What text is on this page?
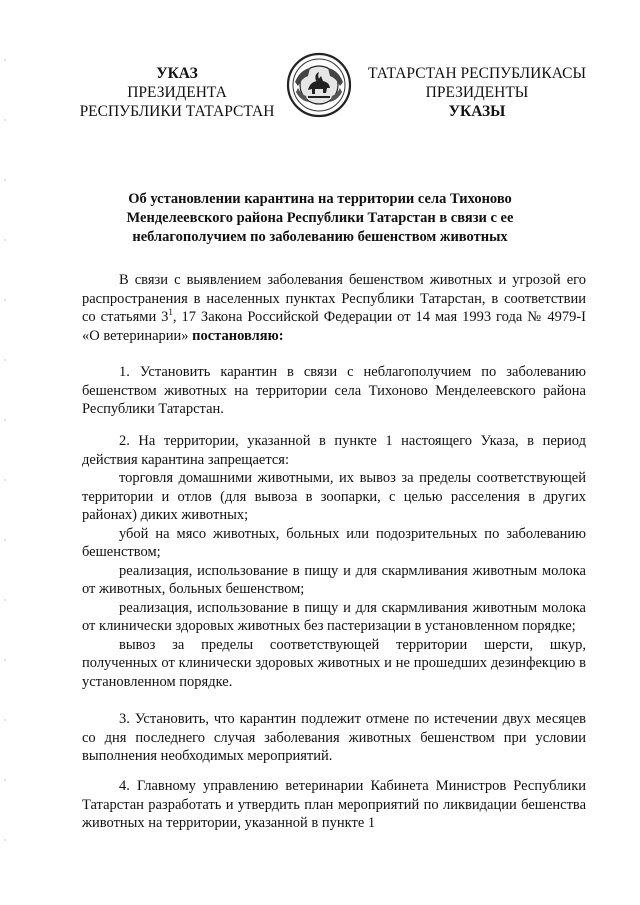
УКАЗ
ПРЕЗИДЕНТА
РЕСПУБЛИКИ ТАТАРСТАН
ТАТАРСТАН РЕСПУБЛИКАСЫ
ПРЕЗИДЕНТЫ
УКАЗЫ
Об установлении карантина на территории села Тихоново
Менделеевского района Республики Татарстан в связи с ее
неблагополучием по заболеванию бешенством животных

В связи с выявлением заболевания бешенством животных и угрозой его распространения в населенных пунктах Республики Татарстан, в соответствии со статьями $3^1$, 17 Закона Российской Федерации от 14 мая 1993 года № 4979-I «О ветеринарии» постановляю:

1. Установить карантин в связи с неблагополучием по заболеванию бешенством животных на территории села Тихоново Менделеевского района Республики Татарстан.

2. На территории, указанной в пункте 1 настоящего Указа, в период действия карантина запрещается:

торговля домашними животными, их вывоз за пределы соответствующей территории и отлов (для вывоза в зоопарки, с целью расселения в других районах) диких животных;

убой на мясо животных, больных или подозрительных по заболеванию бешенством;

реализация, использование в пищу и для скармливания животным молока от животных, больных бешенством;

реализация, использование в пищу и для скармливания животным молока от клинически здоровых животных без пастеризации в установленном порядке;

вывоз за пределы соответствующей территории шерсти, шкур, полученных от клинически здоровых животных и не прошедших дезинфекцию в установленном порядке.

3. Установить, что карантин подлежит отмене по истечении двух месяцев со дня последнего случая заболевания животных бешенством при условии выполнения необходимых мероприятий.

4. Главному управлению ветеринарии Кабинета Министров Республики Татарстан разработать и утвердить план мероприятий по ликвидации бешенства животных на территории, указанной в пункте 1
